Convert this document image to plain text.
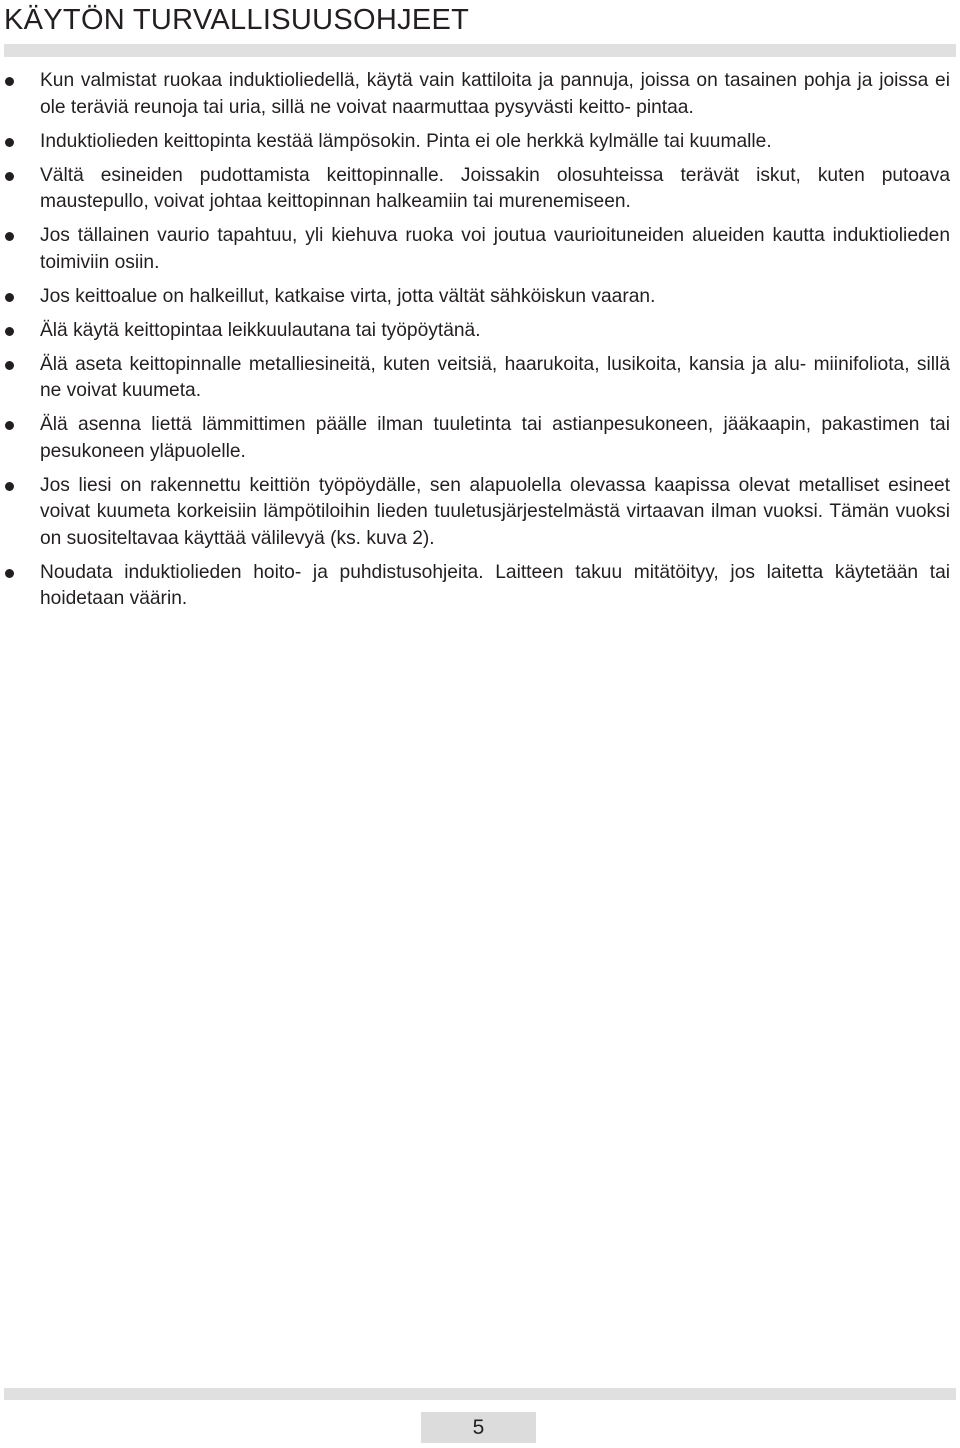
KÄYTÖN TURVALLISUUSOHJEET
Kun valmistat ruokaa induktioliedellä, käytä vain kattiloita ja pannuja, joissa on tasainen pohja ja joissa ei ole teräviä reunoja tai uria, sillä ne voivat naarmuttaa pysyvästi keitto- pintaa.
Induktiolieden keittopinta kestää lämpösokin. Pinta ei ole herkkä kylmälle tai kuumalle.
Vältä esineiden pudottamista keittopinnalle. Joissakin olosuhteissa terävät iskut, kuten putoava maustepullo, voivat johtaa keittopinnan halkeamiin tai murenemiseen.
Jos tällainen vaurio tapahtuu, yli kiehuva ruoka voi joutua vaurioituneiden alueiden kautta induktiolieden toimiviin osiin.
Jos keittoalue on halkeillut, katkaise virta, jotta vältät sähköiskun vaaran.
Älä käytä keittopintaa leikkuulautana tai työpöytänä.
Älä aseta keittopinnalle metalliesineitä, kuten veitsiä, haarukoita, lusikoita, kansia ja alu- miinifoliota, sillä ne voivat kuumeta.
Älä asenna liettä lämmittimen päälle ilman tuuletinta tai astianpesukoneen, jääkaapin, pakastimen tai pesukoneen yläpuolelle.
Jos liesi on rakennettu keittiön työpöydälle, sen alapuolella olevassa kaapissa olevat metalliset esineet voivat kuumeta korkeisiin lämpötiloihin lieden tuuletusjärjestelmästä virtaavan ilman vuoksi. Tämän vuoksi on suositeltavaa käyttää välilevyä (ks. kuva 2).
Noudata induktiolieden hoito- ja puhdistusohjeita. Laitteen takuu mitätöityy, jos laitetta käytetään tai hoidetaan väärin.
5
